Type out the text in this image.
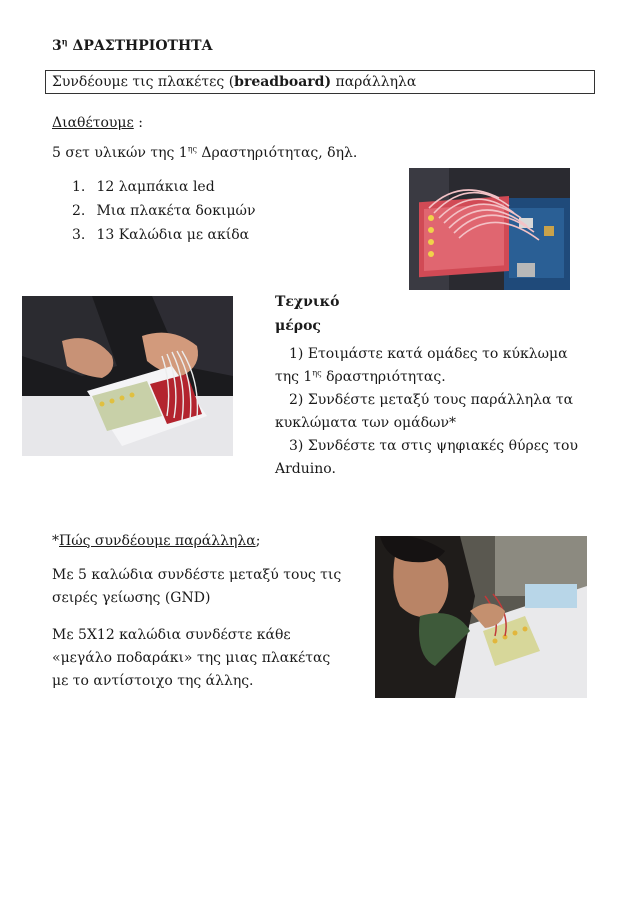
$3^\eta$ ΔΡΑΣΤΗΡΙΟΤΗΤΑ
Συνδέουμε τις πλακέτες (breadboard) παράλληλα
Διαθέτουμε :
5 σετ υλικών της $1^{\eta\varsigma}$ Δραστηριότητας, δηλ.
1. 12 λαμπάκια led
2. Μια πλακέτα δοκιμών
3. 13 Καλώδια με ακίδα
Τεχνικό
μέρος

1) Ετοιμάστε κατά ομάδες το κύκλωμα

της $1^{\eta\varsigma}$ δραστηριότητας.

2) Συνδέστε μεταξύ τους παράλληλα τα

κυκλώματα των ομάδων*

3) Συνδέστε τα στις ψηφιακές θύρες του

Arduino.

*Πώς συνδέουμε παράλληλα;

Με 5 καλώδια συνδέστε μεταξύ τους τις

σειρές γείωσης (GND)

Με 5Χ12 καλώδια συνδέστε κάθε

«μεγάλο ποδαράκι» της μιας πλακέτας

με το αντίστοιχο της άλλης.
